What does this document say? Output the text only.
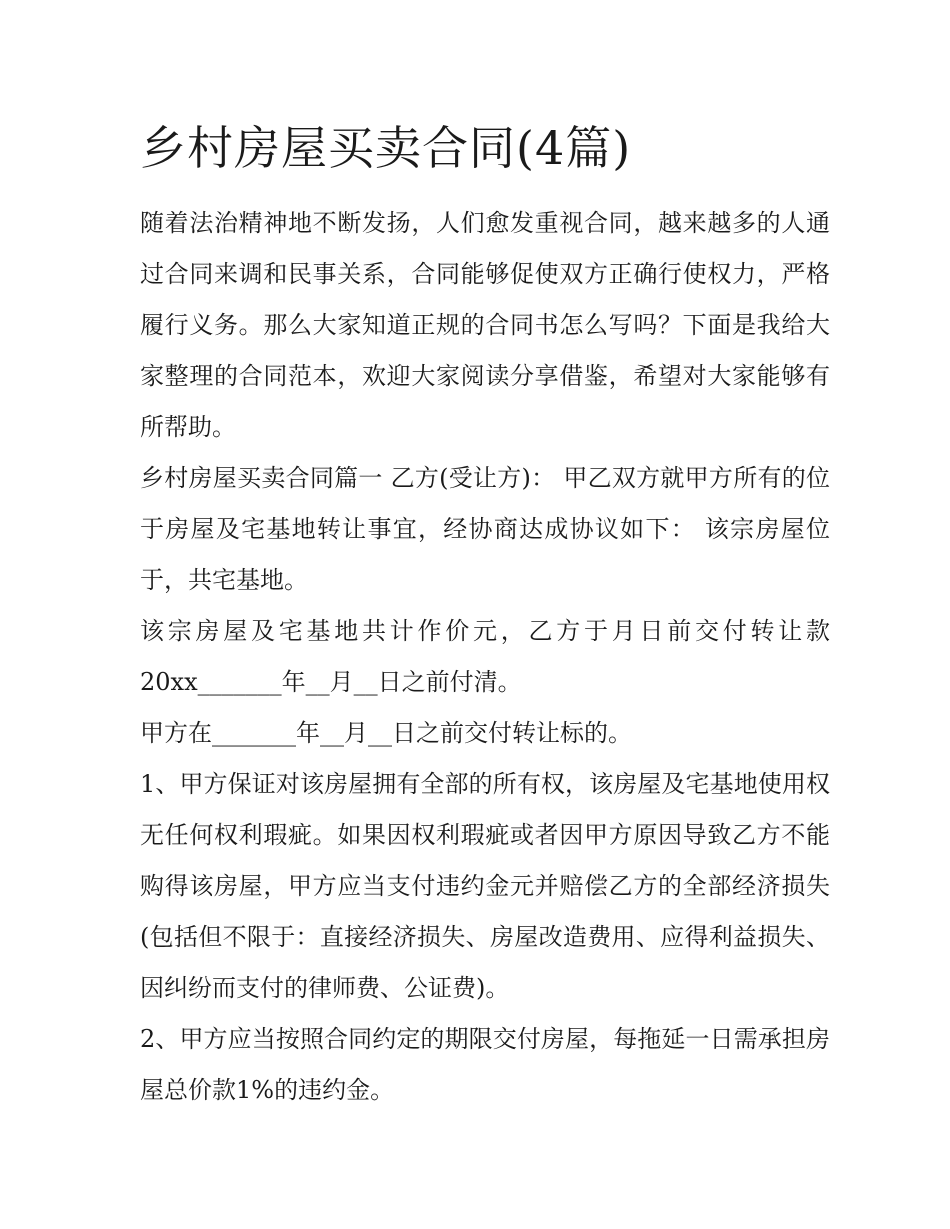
乡村房屋买卖合同(4篇)

随着法治精神地不断发扬，人们愈发重视合同，越来越多的人通过合同来调和民事关系，合同能够促使双方正确行使权力，严格履行义务。那么大家知道正规的合同书怎么写吗？下面是我给大家整理的合同范本，欢迎大家阅读分享借鉴，希望对大家能够有所帮助。

乡村房屋买卖合同篇一 乙方(受让方)： 甲乙双方就甲方所有的位于房屋及宅基地转让事宜，经协商达成协议如下： 该宗房屋位于，共宅基地。

该宗房屋及宅基地共计作价元，乙方于月日前交付转让款20xx_______年__月__日之前付清。

甲方在_______年__月__日之前交付转让标的。

1、甲方保证对该房屋拥有全部的所有权，该房屋及宅基地使用权无任何权利瑕疵。如果因权利瑕疵或者因甲方原因导致乙方不能购得该房屋，甲方应当支付违约金元并赔偿乙方的全部经济损失(包括但不限于：直接经济损失、房屋改造费用、应得利益损失、因纠纷而支付的律师费、公证费)。

2、甲方应当按照合同约定的期限交付房屋，每拖延一日需承担房屋总价款1%的违约金。
